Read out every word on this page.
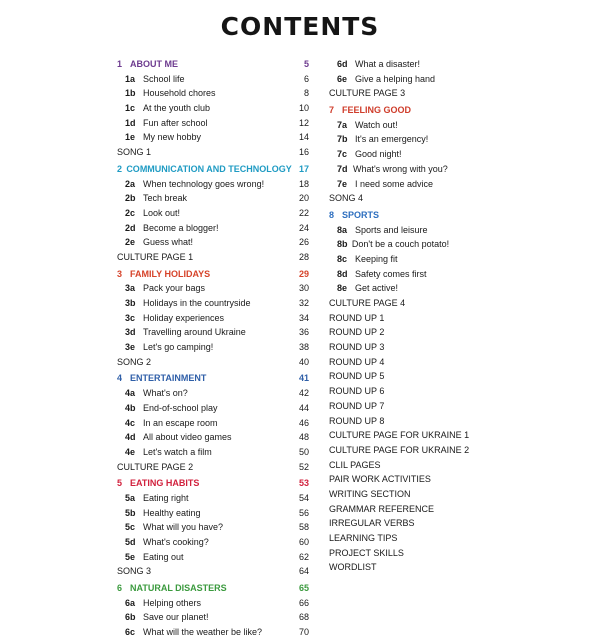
CONTENTS
1 ABOUT ME	5
1a School life	6
1b Household chores	8
1c At the youth club	10
1d Fun after school	12
1e My new hobby	14
SONG 1	16
2 COMMUNICATION AND TECHNOLOGY 17
2a When technology goes wrong!	18
2b Tech break	20
2c Look out!	22
2d Become a blogger!	24
2e Guess what!	26
CULTURE PAGE 1	28
3 FAMILY HOLIDAYS	29
3a Pack your bags	30
3b Holidays in the countryside	32
3c Holiday experiences	34
3d Travelling around Ukraine	36
3e Let's go camping!	38
SONG 2	40
4 ENTERTAINMENT	41
4a What's on?	42
4b End-of-school play	44
4c In an escape room	46
4d All about video games	48
4e Let's watch a film	50
CULTURE PAGE 2	52
5 EATING HABITS	53
5a Eating right	54
5b Healthy eating	56
5c What will you have?	58
5d What's cooking?	60
5e Eating out	62
SONG 3	64
6 NATURAL DISASTERS	65
6a Helping others	66
6b Save our planet!	68
6c What will the weather be like?	70
6d What a disaster!
6e Give a helping hand
CULTURE PAGE 3
7 FEELING GOOD
7a Watch out!
7b It's an emergency!
7c Good night!
7d What's wrong with you?
7e I need some advice
SONG 4
8 SPORTS
8a Sports and leisure
8b Don't be a couch potato!
8c Keeping fit
8d Safety comes first
8e Get active!
CULTURE PAGE 4
ROUND UP 1
ROUND UP 2
ROUND UP 3
ROUND UP 4
ROUND UP 5
ROUND UP 6
ROUND UP 7
ROUND UP 8
CULTURE PAGE FOR UKRAINE 1
CULTURE PAGE FOR UKRAINE 2
CLIL PAGES
PAIR WORK ACTIVITIES
WRITING SECTION
GRAMMAR REFERENCE
IRREGULAR VERBS
LEARNING TIPS
PROJECT SKILLS
WORDLIST
